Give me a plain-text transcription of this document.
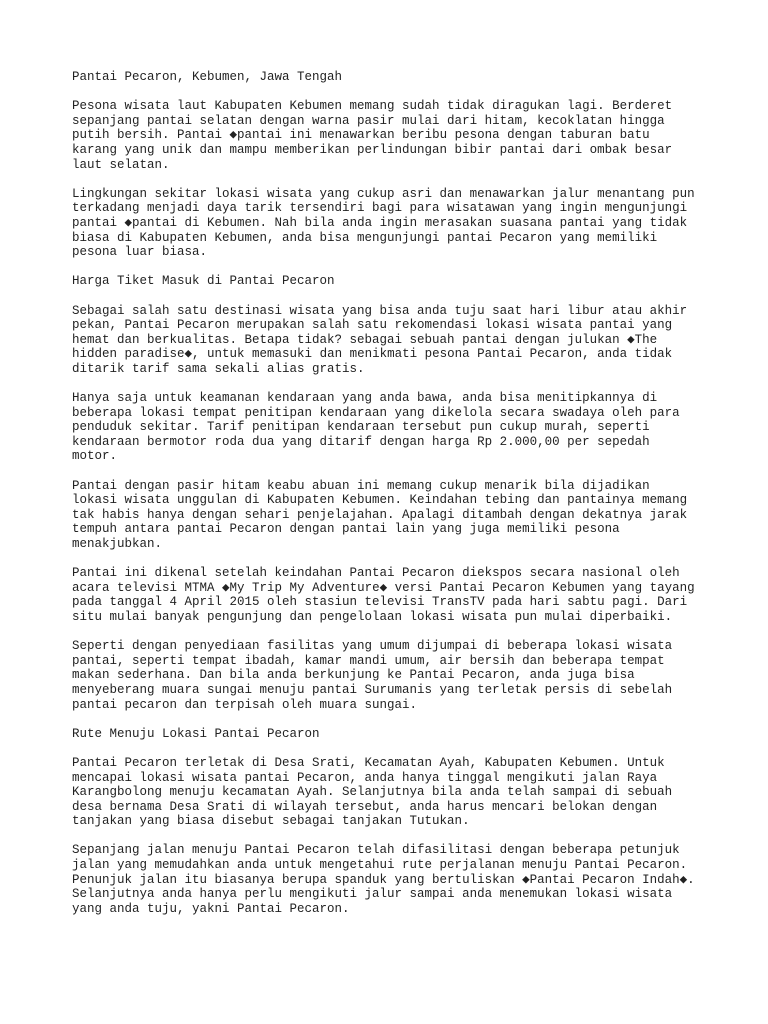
Pantai Pecaron, Kebumen, Jawa Tengah
Pesona wisata laut Kabupaten Kebumen memang sudah tidak diragukan lagi. Berderet
sepanjang pantai selatan dengan warna pasir mulai dari hitam, kecoklatan hingga
putih bersih. Pantai ◆pantai ini menawarkan beribu pesona dengan taburan batu
karang yang unik dan mampu memberikan perlindungan bibir pantai dari ombak besar
laut selatan.
Lingkungan sekitar lokasi wisata yang cukup asri dan menawarkan jalur menantang pun
terkadang menjadi daya tarik tersendiri bagi para wisatawan yang ingin mengunjungi
pantai ◆pantai di Kebumen. Nah bila anda ingin merasakan suasana pantai yang tidak
biasa di Kabupaten Kebumen, anda bisa mengunjungi pantai Pecaron yang memiliki
pesona luar biasa.
Harga Tiket Masuk di Pantai Pecaron
Sebagai salah satu destinasi wisata yang bisa anda tuju saat hari libur atau akhir
pekan, Pantai Pecaron merupakan salah satu rekomendasi lokasi wisata pantai yang
hemat dan berkualitas. Betapa tidak? sebagai sebuah pantai dengan julukan ◆The
hidden paradise◆, untuk memasuki dan menikmati pesona Pantai Pecaron, anda tidak
ditarik tarif sama sekali alias gratis.
Hanya saja untuk keamanan kendaraan yang anda bawa, anda bisa menitipkannya di
beberapa lokasi tempat penitipan kendaraan yang dikelola secara swadaya oleh para
penduduk sekitar. Tarif penitipan kendaraan tersebut pun cukup murah, seperti
kendaraan bermotor roda dua yang ditarif dengan harga Rp 2.000,00 per sepedah
motor.
Pantai dengan pasir hitam keabu abuan ini memang cukup menarik bila dijadikan
lokasi wisata unggulan di Kabupaten Kebumen. Keindahan tebing dan pantainya memang
tak habis hanya dengan sehari penjelajahan. Apalagi ditambah dengan dekatnya jarak
tempuh antara pantai Pecaron dengan pantai lain yang juga memiliki pesona
menakjubkan.
Pantai ini dikenal setelah keindahan Pantai Pecaron diekspos secara nasional oleh
acara televisi MTMA ◆My Trip My Adventure◆ versi Pantai Pecaron Kebumen yang tayang
pada tanggal 4 April 2015 oleh stasiun televisi TransTV pada hari sabtu pagi. Dari
situ mulai banyak pengunjung dan pengelolaan lokasi wisata pun mulai diperbaiki.
Seperti dengan penyediaan fasilitas yang umum dijumpai di beberapa lokasi wisata
pantai, seperti tempat ibadah, kamar mandi umum, air bersih dan beberapa tempat
makan sederhana. Dan bila anda berkunjung ke Pantai Pecaron, anda juga bisa
menyeberang muara sungai menuju pantai Surumanis yang terletak persis di sebelah
pantai pecaron dan terpisah oleh muara sungai.
Rute Menuju Lokasi Pantai Pecaron
Pantai Pecaron terletak di Desa Srati, Kecamatan Ayah, Kabupaten Kebumen. Untuk
mencapai lokasi wisata pantai Pecaron, anda hanya tinggal mengikuti jalan Raya
Karangbolong menuju kecamatan Ayah. Selanjutnya bila anda telah sampai di sebuah
desa bernama Desa Srati di wilayah tersebut, anda harus mencari belokan dengan
tanjakan yang biasa disebut sebagai tanjakan Tutukan.
Sepanjang jalan menuju Pantai Pecaron telah difasilitasi dengan beberapa petunjuk
jalan yang memudahkan anda untuk mengetahui rute perjalanan menuju Pantai Pecaron.
Penunjuk jalan itu biasanya berupa spanduk yang bertuliskan ◆Pantai Pecaron Indah◆.
Selanjutnya anda hanya perlu mengikuti jalur sampai anda menemukan lokasi wisata
yang anda tuju, yakni Pantai Pecaron.
